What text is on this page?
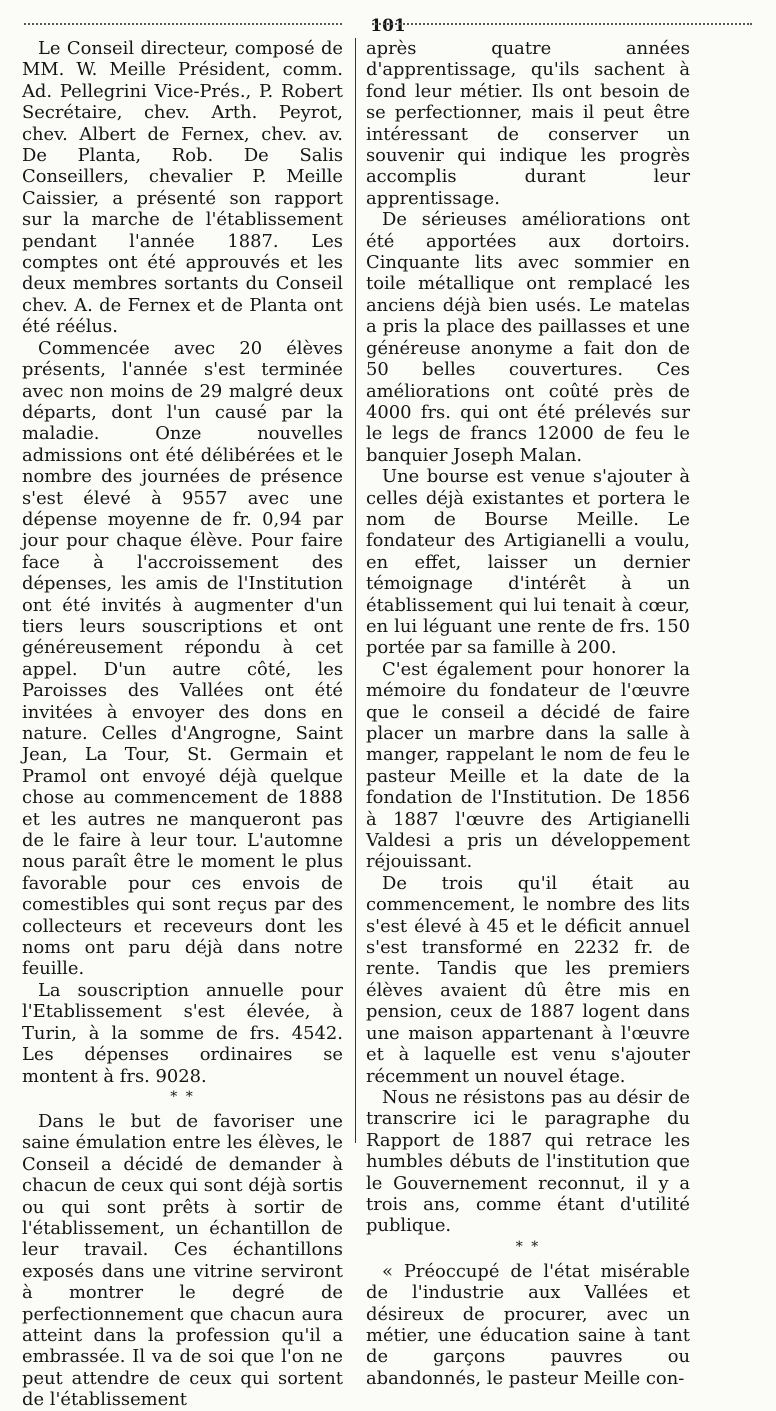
101

Le Conseil directeur, composé de MM. W. Meille Président, comm. Ad. Pellegrini Vice-Prés., P. Robert Secrétaire, chev. Arth. Peyrot, chev. Albert de Fernex, chev. av. De Planta, Rob. De Salis Conseillers, chevalier P. Meille Caissier, a présenté son rapport sur la marche de l'établissement pendant l'année 1887. Les comptes ont été approuvés et les deux membres sortants du Conseil chev. A. de Fernex et de Planta ont été réélus.

Commencée avec 20 élèves présents, l'année s'est terminée avec non moins de 29 malgré deux départs, dont l'un causé par la maladie. Onze nouvelles admissions ont été délibérées et le nombre des journées de présence s'est élevé à 9557 avec une dépense moyenne de fr. 0,94 par jour pour chaque élève. Pour faire face à l'accroissement des dépenses, les amis de l'Institution ont été invités à augmenter d'un tiers leurs souscriptions et ont généreusement répondu à cet appel. D'un autre côté, les Paroisses des Vallées ont été invitées à envoyer des dons en nature. Celles d'Angrogne, Saint Jean, La Tour, St. Germain et Pramol ont envoyé déjà quelque chose au commencement de 1888 et les autres ne manqueront pas de le faire à leur tour. L'automne nous paraît être le moment le plus favorable pour ces envois de comestibles qui sont reçus par des collecteurs et receveurs dont les noms ont paru déjà dans notre feuille.

La souscription annuelle pour l'Etablissement s'est élevée, à Turin, à la somme de frs. 4542. Les dépenses ordinaires se montent à frs. 9028.

* *

Dans le but de favoriser une saine émulation entre les élèves, le Conseil a décidé de demander à chacun de ceux qui sont déjà sortis ou qui sont prêts à sortir de l'établissement, un échantillon de leur travail. Ces échantillons exposés dans une vitrine serviront à montrer le degré de perfectionnement que chacun aura atteint dans la profession qu'il a embrassée. Il va de soi que l'on ne peut attendre de ceux qui sortent de l'établissement

après quatre années d'apprentissage, qu'ils sachent à fond leur métier. Ils ont besoin de se perfectionner, mais il peut être intéressant de conserver un souvenir qui indique les progrès accomplis durant leur apprentissage.

De sérieuses améliorations ont été apportées aux dortoirs. Cinquante lits avec sommier en toile métallique ont remplacé les anciens déjà bien usés. Le matelas a pris la place des paillasses et une généreuse anonyme a fait don de 50 belles couvertures. Ces améliorations ont coûté près de 4000 frs. qui ont été prélevés sur le legs de francs 12000 de feu le banquier Joseph Malan.

Une bourse est venue s'ajouter à celles déjà existantes et portera le nom de Bourse Meille. Le fondateur des Artigianelli a voulu, en effet, laisser un dernier témoignage d'intérêt à un établissement qui lui tenait à cœur, en lui léguant une rente de frs. 150 portée par sa famille à 200.

C'est également pour honorer la mémoire du fondateur de l'œuvre que le conseil a décidé de faire placer un marbre dans la salle à manger, rappelant le nom de feu le pasteur Meille et la date de la fondation de l'Institution. De 1856 à 1887 l'œuvre des Artigianelli Valdesi a pris un développement réjouissant.

De trois qu'il était au commencement, le nombre des lits s'est élevé à 45 et le déficit annuel s'est transformé en 2232 fr. de rente. Tandis que les premiers élèves avaient dû être mis en pension, ceux de 1887 logent dans une maison appartenant à l'œuvre et à laquelle est venu s'ajouter récemment un nouvel étage.

Nous ne résistons pas au désir de transcrire ici le paragraphe du Rapport de 1887 qui retrace les humbles débuts de l'institution que le Gouvernement reconnut, il y a trois ans, comme étant d'utilité publique.

* *

« Préoccupé de l'état misérable de l'industrie aux Vallées et désireux de procurer, avec un métier, une éducation saine à tant de garçons pauvres ou abandonnés, le pasteur Meille con-
